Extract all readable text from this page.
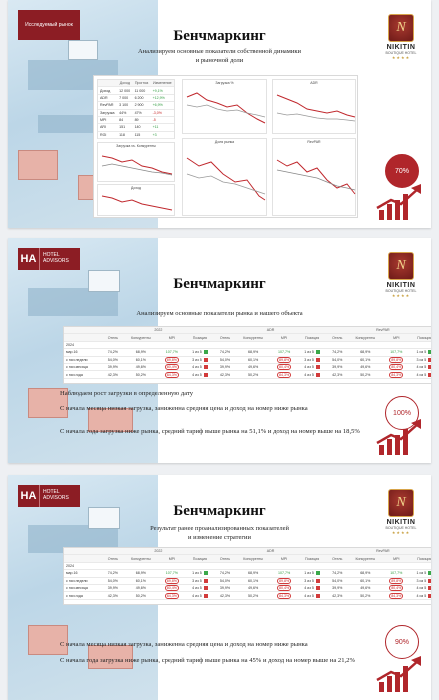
Исследуемый рынок
Бенчмаркинг
Анализируем основные показатели собственной динамики
и рыночной доли
N
NIKITIN
BOUTIQUE HOTEL
★★★★
	Доход	Прогноз	Изменение
Доход	12 000	11 000	+9,1%
ADR	7 000	6 200	+12,9%
RevPAR	3 100	2 900	+6,9%
Загрузка	44%	47%	-3,0%
MPI	84	89	-5
ARI	151	140	+11
RGI	118	115	+3
Загрузка %	ADR
Загрузка vs. Конкуренты
Доход
Доля рынка	RevPAR
70%
HA	HOTEL
ADVISORS
Бенчмаркинг
Анализируем основные показатели рынка и нашего объекта
N
NIKITIN
BOUTIQUE HOTEL
★★★★
	2022				ADR				RevPAR			
	Отель	Конкуренты	MPI	Позиция	Отель	Конкуренты	MPI	Позиция	Отель	Конкуренты	MPI	Позиция
2024												
мар.16	74,2%	68,9%	107,7%	1 из 5	74,2%	68,9%	107,7%	1 из 5	74,2%	68,9%	107,7%	1 из 5
с нач.недели	54,0%	60,1%	89,8%	3 из 5	54,0%	60,1%	89,8%	3 из 5	54,0%	60,1%	89,8%	3 из 5
с нач.месяца	39,9%	49,6%	80,4%	4 из 5	39,9%	49,6%	80,4%	4 из 5	39,9%	49,6%	80,4%	4 из 5
с нач.года	42,3%	50,2%	84,3%	4 из 5	42,3%	50,2%	84,3%	4 из 5	42,3%	50,2%	84,3%	4 из 5
Наблюдаем рост загрузки в определенную дату
С начала месяца низкая загрузка, заниженна средняя цена и доход на номер ниже рынка
С начала года загрузка ниже рынка, средний тариф выше рынка на 51,1% и доход на номер выше на 18,5%
100%
HA	HOTEL
ADVISORS
Бенчмаркинг
Результат ранее проанализированных показателей
и изменение стратегии
N
NIKITIN
BOUTIQUE HOTEL
★★★★
	2022				ADR				RevPAR			
	Отель	Конкуренты	MPI	Позиция	Отель	Конкуренты	MPI	Позиция	Отель	Конкуренты	MPI	Позиция
2024												
мар.16	74,2%	68,9%	107,7%	1 из 5	74,2%	68,9%	107,7%	1 из 5	74,2%	68,9%	107,7%	1 из 5
с нач.недели	54,0%	60,1%	89,8%	3 из 5	54,0%	60,1%	89,8%	3 из 5	54,0%	60,1%	89,8%	3 из 5
с нач.месяца	39,9%	49,6%	80,4%	4 из 5	39,9%	49,6%	80,4%	4 из 5	39,9%	49,6%	80,4%	4 из 5
с нач.года	42,3%	50,2%	84,3%	4 из 5	42,3%	50,2%	84,3%	4 из 5	42,3%	50,2%	84,3%	4 из 5
С начала месяца низкая загрузка, заниженна средняя цена и доход на номер ниже рынка
С начала года загрузка ниже рынка, средний тариф выше рынка на 45% и доход на номер выше на 21,2%
90%
